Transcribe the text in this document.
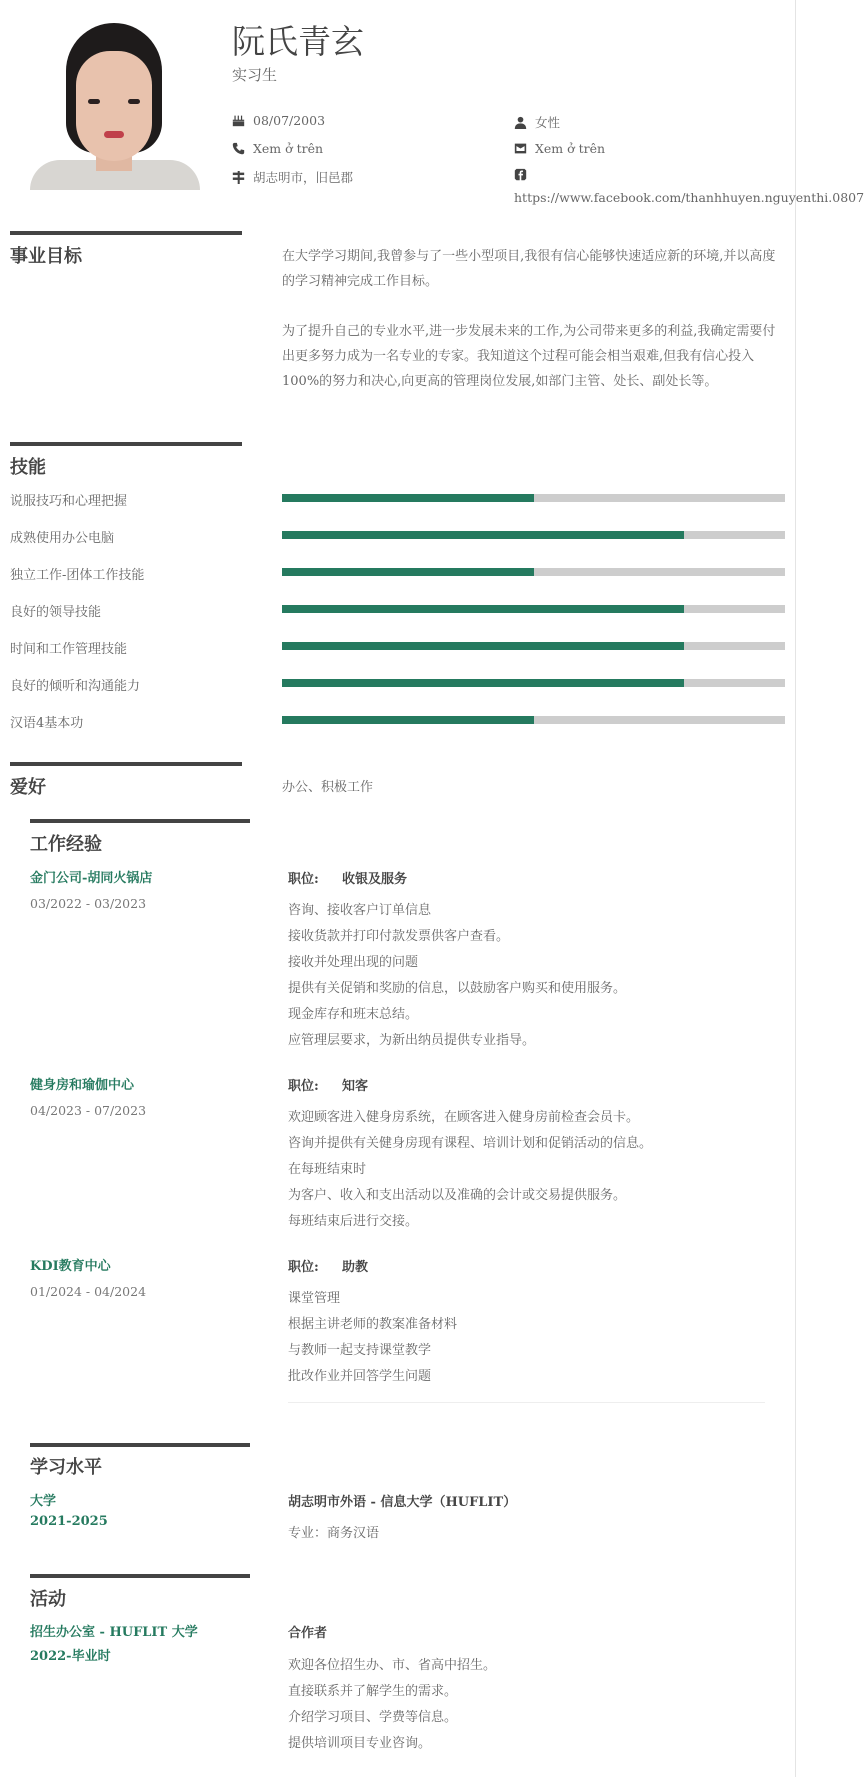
阮氏青玄
实习生
08/07/2003
Xem ở trên
胡志明市，旧邑郡
女性
Xem ở trên
https://www.facebook.com/thanhhuyen.nguyenthi.0807
事业目标	在大学学习期间,我曾参与了一些小型项目,我很有信心能够快速适应新的环境,并以高度的学习精神完成工作目标。
为了提升自己的专业水平,进一步发展未来的工作,为公司带来更多的利益,我确定需要付出更多努力成为一名专业的专家。我知道这个过程可能会相当艰难,但我有信心投入100%的努力和决心,向更高的管理岗位发展,如部门主管、处长、副处长等。
技能
说服技巧和心理把握
成熟使用办公电脑
独立工作-团体工作技能
良好的领导技能
时间和工作管理技能
良好的倾听和沟通能力
汉语4基本功
爱好	办公、积极工作
工作经验
金门公司-胡同火锅店
03/2022 - 03/2023
职位: 收银及服务
咨询、接收客户订单信息
接收货款并打印付款发票供客户查看。
接收并处理出现的问题
提供有关促销和奖励的信息，以鼓励客户购买和使用服务。
现金库存和班末总结。
应管理层要求，为新出纳员提供专业指导。
健身房和瑜伽中心
04/2023 - 07/2023
职位: 知客
欢迎顾客进入健身房系统，在顾客进入健身房前检查会员卡。
咨询并提供有关健身房现有课程、培训计划和促销活动的信息。
在每班结束时
为客户、收入和支出活动以及准确的会计或交易提供服务。
每班结束后进行交接。
KDI教育中心
01/2024 - 04/2024
职位: 助教
课堂管理
根据主讲老师的教案准备材料
与教师一起支持课堂教学
批改作业并回答学生问题
学习水平
大学
2021-2025
胡志明市外语 - 信息大学（HUFLIT）
专业：商务汉语
活动
招生办公室 - HUFLIT 大学
2022-毕业时
合作者
欢迎各位招生办、市、省高中招生。
直接联系并了解学生的需求。
介绍学习项目、学费等信息。
提供培训项目专业咨询。
